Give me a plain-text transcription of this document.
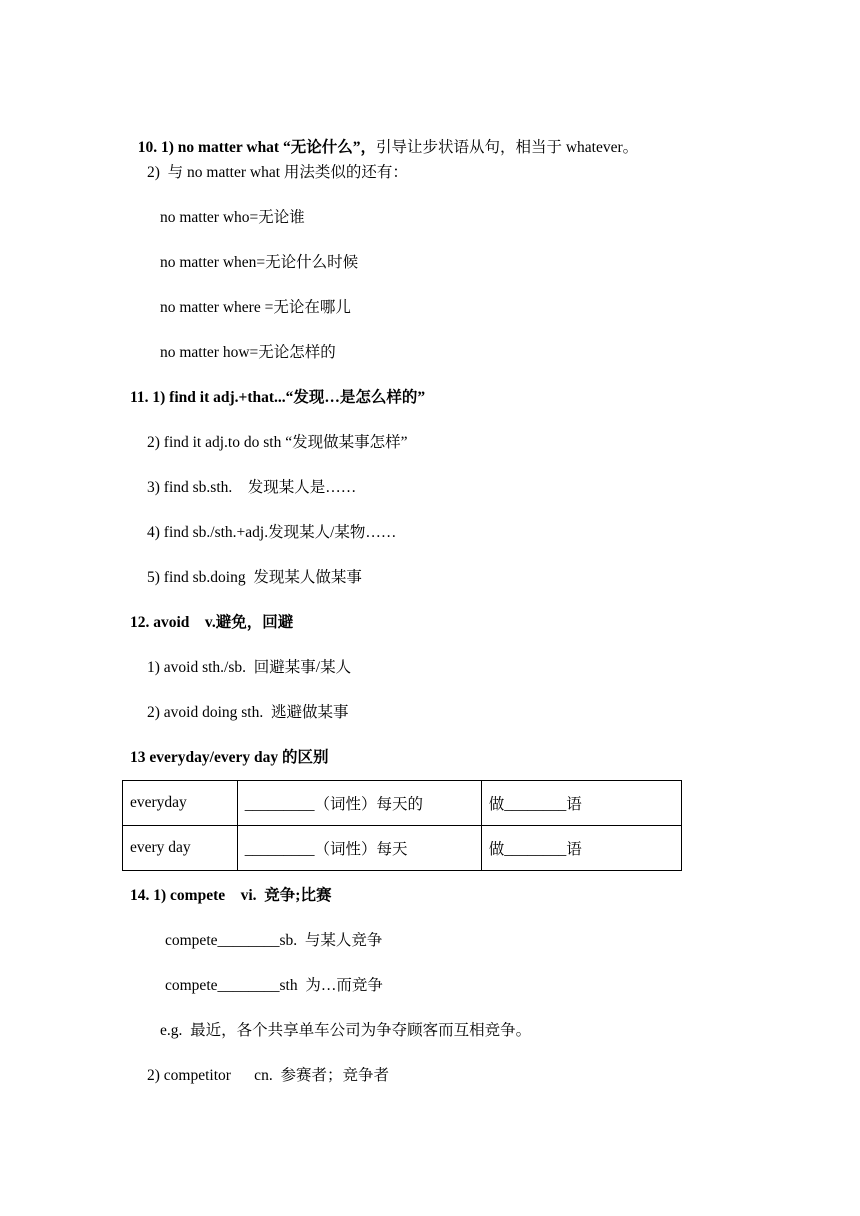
10. 1) no matter what “无论什么”，引导让步状语从句，相当于 whatever。

2)  与 no matter what 用法类似的还有：
no matter who=无论谁
no matter when=无论什么时候
no matter where =无论在哪儿
no matter how=无论怎样的
11. 1) find it adj.+that...“发现…是怎么样的”
2) find it adj.to do sth “发现做某事怎样”
3) find sb.sth.    发现某人是……
4) find sb./sth.+adj.发现某人/某物……
5) find sb.doing  发现某人做某事
12. avoid    v.避免，回避
1) avoid sth./sb.  回避某事/某人
2) avoid doing sth.  逃避做某事
13 everyday/every day 的区别
everyday	_________（词性）每天的	做________语
every day	_________（词性）每天	做________语
14. 1) compete    vi.  竞争;比赛
compete________sb.  与某人竞争
compete________sth  为…而竞争
e.g.  最近，各个共享单车公司为争夺顾客而互相竞争。
2) competitor      cn.  参赛者；竞争者
